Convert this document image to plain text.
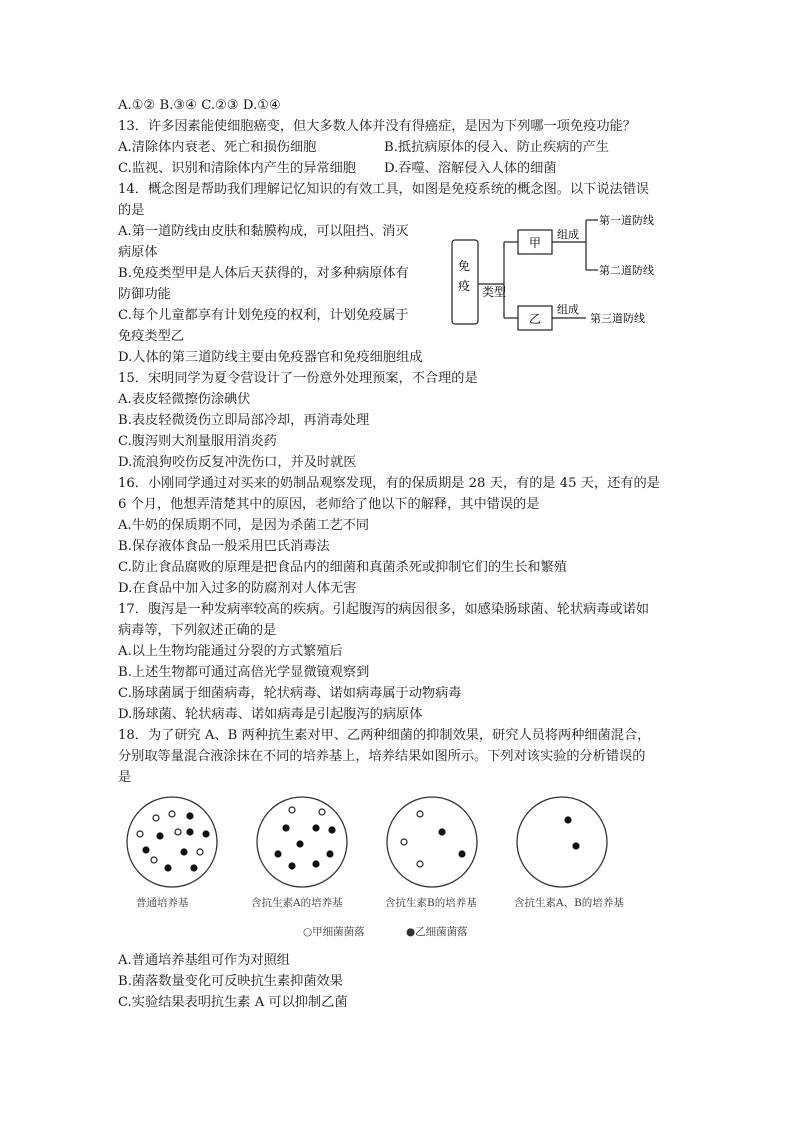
A.①② B.③④ C.②③ D.①④
13．许多因素能使细胞癌变，但大多数人体并没有得癌症，是因为下列哪一项免疫功能？
A.清除体内衰老、死亡和损伤细胞	B.抵抗病原体的侵入、防止疾病的产生
C.监视、识别和清除体内产生的异常细胞 D.吞噬、溶解侵入人体的细菌
14．概念图是帮助我们理解记忆知识的有效工具，如图是免疫系统的概念图。以下说法错误
的是
A.第一道防线由皮肤和黏膜构成，可以阻挡、消灭
病原体
B.免疫类型甲是人体后天获得的，对多种病原体有
防御功能
C.每个儿童都享有计划免疫的权利，计划免疫属于
免疫类型乙
D.人体的第三道防线主要由免疫器官和免疫细胞组成
免
疫 类型
甲
乙
组成
第一道防线
第二道防线
组成
第三道防线
15．宋明同学为夏令营设计了一份意外处理预案，不合理的是
A.表皮轻微擦伤涂碘伏
B.表皮轻微烫伤立即局部冷却，再消毒处理
C.腹泻则大剂量服用消炎药
D.流浪狗咬伤反复冲洗伤口，并及时就医
16．小刚同学通过对买来的奶制品观察发现，有的保质期是 28 天，有的是 45 天，还有的是
6 个月，他想弄清楚其中的原因，老师给了他以下的解释，其中错误的是
A.牛奶的保质期不同，是因为杀菌工艺不同
B.保存液体食品一般采用巴氏消毒法
C.防止食品腐败的原理是把食品内的细菌和真菌杀死或抑制它们的生长和繁殖
D.在食品中加入过多的防腐剂对人体无害
17．腹泻是一种发病率较高的疾病。引起腹泻的病因很多，如感染肠球菌、轮状病毒或诺如
病毒等，下列叙述正确的是
A.以上生物均能通过分裂的方式繁殖后
B.上述生物都可通过高倍光学显微镜观察到
C.肠球菌属于细菌病毒，轮状病毒、诺如病毒属于动物病毒
D.肠球菌、轮状病毒、诺如病毒是引起腹泻的病原体
18．为了研究 A、B 两种抗生素对甲、乙两种细菌的抑制效果，研究人员将两种细菌混合，
分别取等量混合液涂抹在不同的培养基上，培养结果如图所示。下列对该实验的分析错误的
是
普通培养基	含抗生素A的培养基	含抗生素B的培养基	含抗生素A、B的培养基
○甲细菌菌落	●乙细菌菌落
A.普通培养基组可作为对照组
B.菌落数量变化可反映抗生素抑菌效果
C.实验结果表明抗生素 A 可以抑制乙菌
